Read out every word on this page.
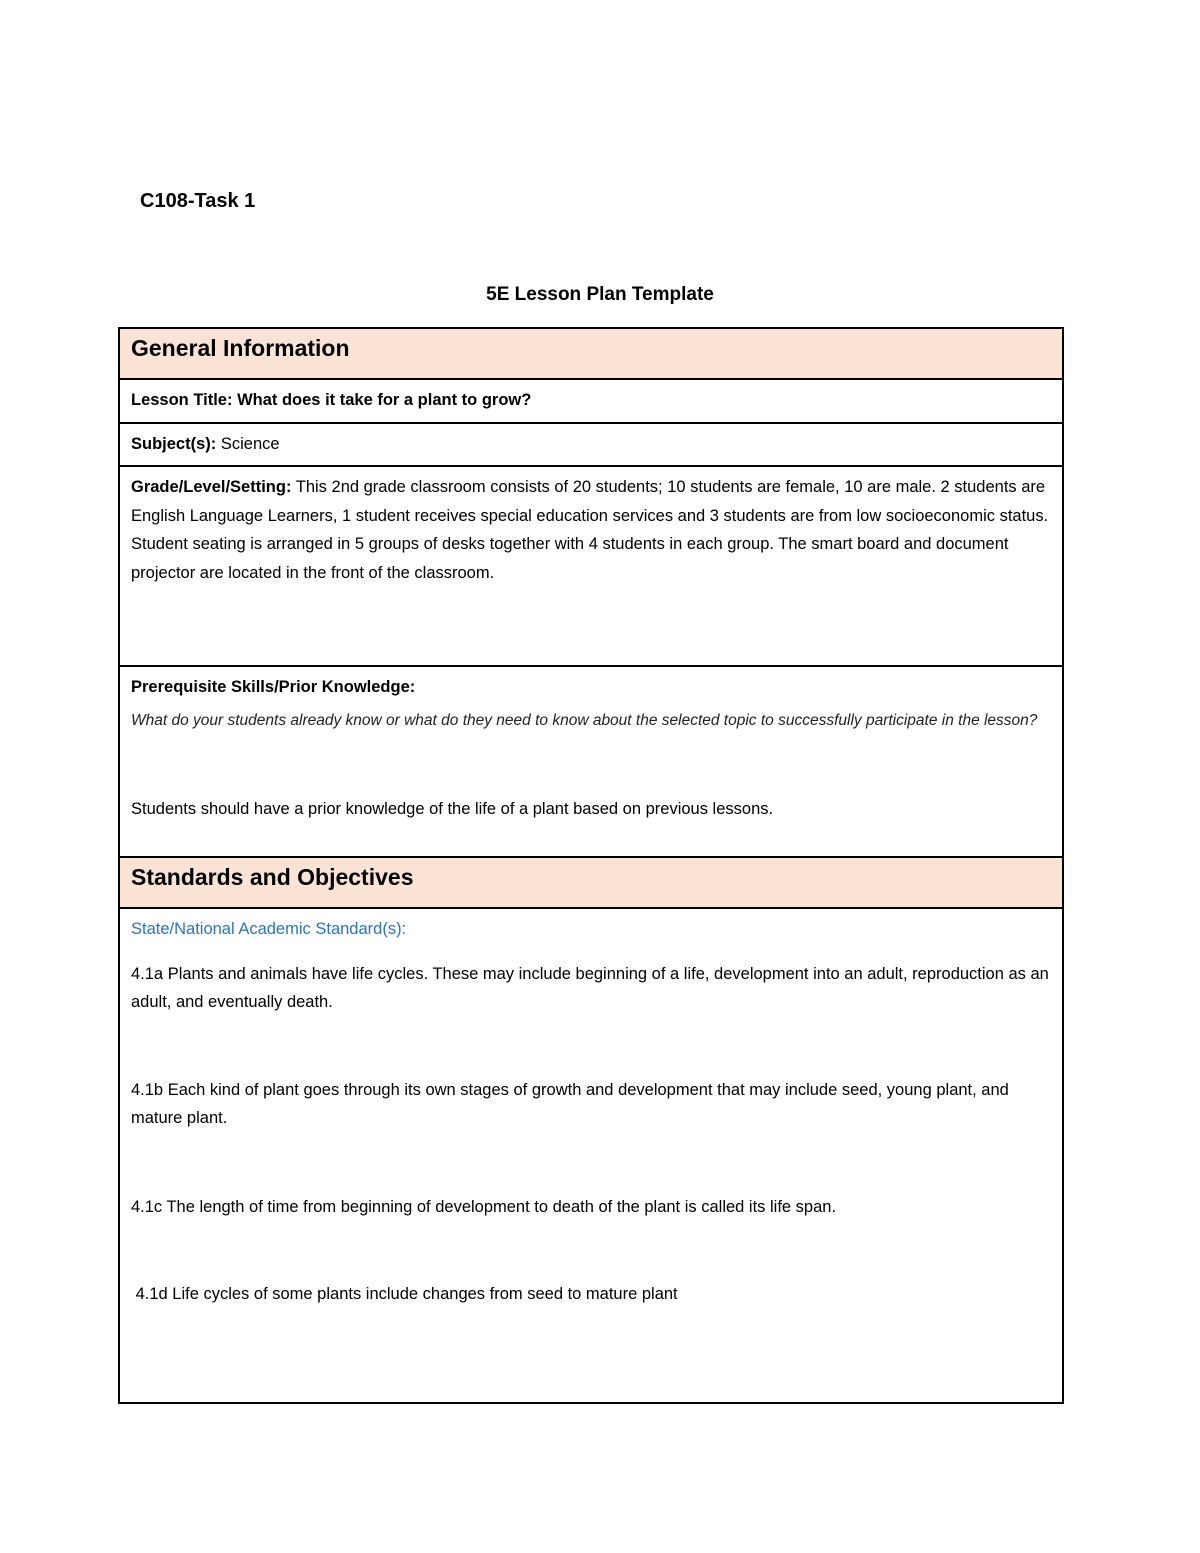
C108-Task 1
5E Lesson Plan Template
General Information
Lesson Title: What does it take for a plant to grow?
Subject(s): Science

Grade/Level/Setting: This 2nd grade classroom consists of 20 students; 10 students are female, 10 are male. 2 students are English Language Learners, 1 student receives special education services and 3 students are from low socioeconomic status. Student seating is arranged in 5 groups of desks together with 4 students in each group. The smart board and document projector are located in the front of the classroom.

Prerequisite Skills/Prior Knowledge:
What do your students already know or what do they need to know about the selected topic to successfully participate in the lesson?
Students should have a prior knowledge of the life of a plant based on previous lessons.
Standards and Objectives
State/National Academic Standard(s):
4.1a Plants and animals have life cycles. These may include beginning of a life, development into an adult, reproduction as an adult, and eventually death.
4.1b Each kind of plant goes through its own stages of growth and development that may include seed, young plant, and mature plant.
4.1c The length of time from beginning of development to death of the plant is called its life span.
4.1d Life cycles of some plants include changes from seed to mature plant
